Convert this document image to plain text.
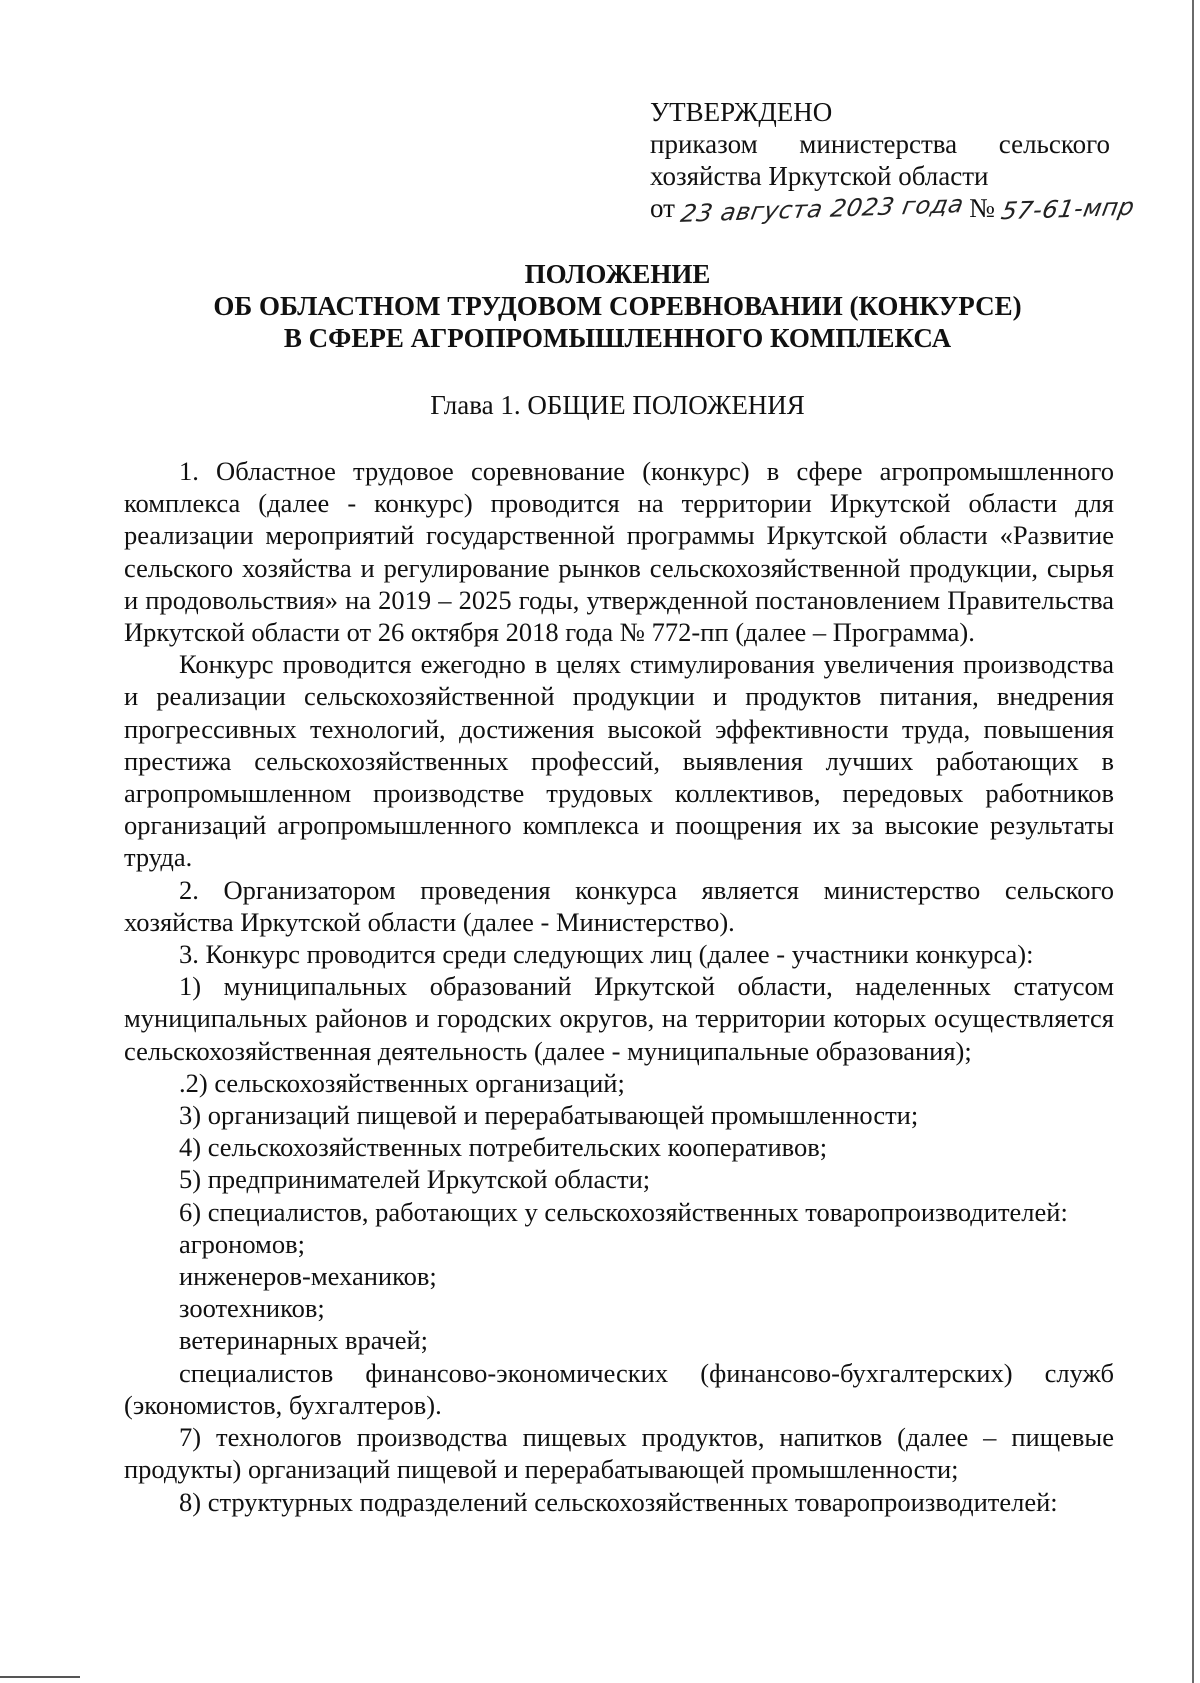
УТВЕРЖДЕНО
приказом министерства сельского
хозяйства Иркутской области
от 23 августа 2023 года № 57-61-мпр
ПОЛОЖЕНИЕ
ОБ ОБЛАСТНОМ ТРУДОВОМ СОРЕВНОВАНИИ (КОНКУРСЕ)
В СФЕРЕ АГРОПРОМЫШЛЕННОГО КОМПЛЕКСА
Глава 1. ОБЩИЕ ПОЛОЖЕНИЯ

1. Областное трудовое соревнование (конкурс) в сфере агропромышленного комплекса (далее - конкурс) проводится на территории Иркутской области для реализации мероприятий государственной программы Иркутской области «Развитие сельского хозяйства и регулирование рынков сельскохозяйственной продукции, сырья и продовольствия» на 2019 – 2025 годы, утвержденной постановлением Правительства Иркутской области от 26 октября 2018 года № 772-пп (далее – Программа).

Конкурс проводится ежегодно в целях стимулирования увеличения производства и реализации сельскохозяйственной продукции и продуктов питания, внедрения прогрессивных технологий, достижения высокой эффективности труда, повышения престижа сельскохозяйственных профессий, выявления лучших работающих в агропромышленном производстве трудовых коллективов, передовых работников организаций агропромышленного комплекса и поощрения их за высокие результаты труда.

2. Организатором проведения конкурса является министерство сельского хозяйства Иркутской области (далее - Министерство).

3. Конкурс проводится среди следующих лиц (далее - участники конкурса):

1) муниципальных образований Иркутской области, наделенных статусом муниципальных районов и городских округов, на территории которых осуществляется сельскохозяйственная деятельность (далее - муниципальные образования);

.2) сельскохозяйственных организаций;

3) организаций пищевой и перерабатывающей промышленности;

4) сельскохозяйственных потребительских кооперативов;

5) предпринимателей Иркутской области;

6) специалистов, работающих у сельскохозяйственных товаропроизводителей:

агрономов;

инженеров-механиков;

зоотехников;

ветеринарных врачей;

специалистов финансово-экономических (финансово-бухгалтерских) служб (экономистов, бухгалтеров).

7) технологов производства пищевых продуктов, напитков (далее – пищевые продукты) организаций пищевой и перерабатывающей промышленности;

8) структурных подразделений сельскохозяйственных товаропроизводителей:
